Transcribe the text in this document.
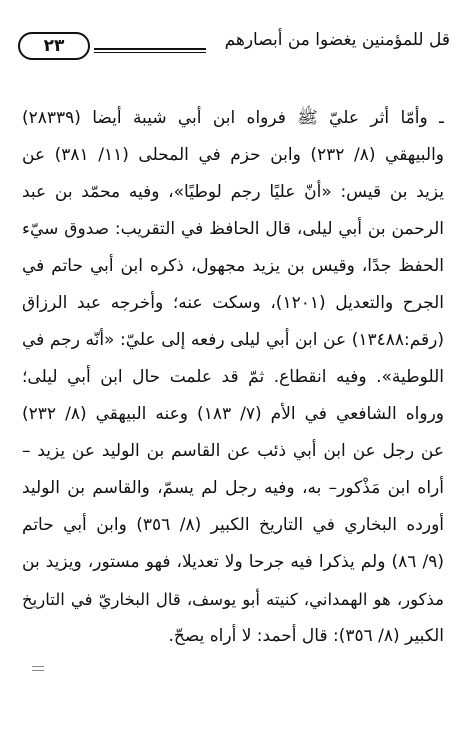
٢٣	قل للمؤمنين يغضوا من أبصارهم
ـ وأمّا أثر عليّ ﷺ فرواه ابن أبي شيبة أيضا (٢٨٣٣٩)
والبيهقي (٨/ ٢٣٢) وابن حزم في المحلى (١١/ ٣٨١) عن
يزيد بن قيس: «أنّ عليًا رجم لوطيًا»، وفيه محمّد بن عبد
الرحمن بن أبي ليلى، قال الحافظ في التقريب: صدوق سيّء
الحفظ جدًا، وقيس بن يزيد مجهول، ذكره ابن أبي حاتم في
الجرح والتعديل (١٢٠١)، وسكت عنه؛ وأخرجه عبد الرزاق
(رقم:١٣٤٨٨) عن ابن أبي ليلى رفعه إلى عليّ: «أنّه رجم في
اللوطية». وفيه انقطاع. ثمّ قد علمت حال ابن أبي ليلى؛
ورواه الشافعي في الأم (٧/ ١٨٣) وعنه البيهقي (٨/ ٢٣٢)
عن رجل عن ابن أبي ذئب عن القاسم بن الوليد عن يزيد –
أراه ابن مَذْكور– به، وفيه رجل لم يسمّ، والقاسم بن الوليد
أورده البخاري في التاريخ الكبير (٨/ ٣٥٦) وابن أبي حاتم
(٩/ ٨٦) ولم يذكرا فيه جرحا ولا تعديلا، فهو مستور، ويزيد بن
مذكور، هو الهمداني، كنيته أبو يوسف، قال البخاريّ في التاريخ
الكبير (٨/ ٣٥٦): قال أحمد: لا أراه يصحّ.
